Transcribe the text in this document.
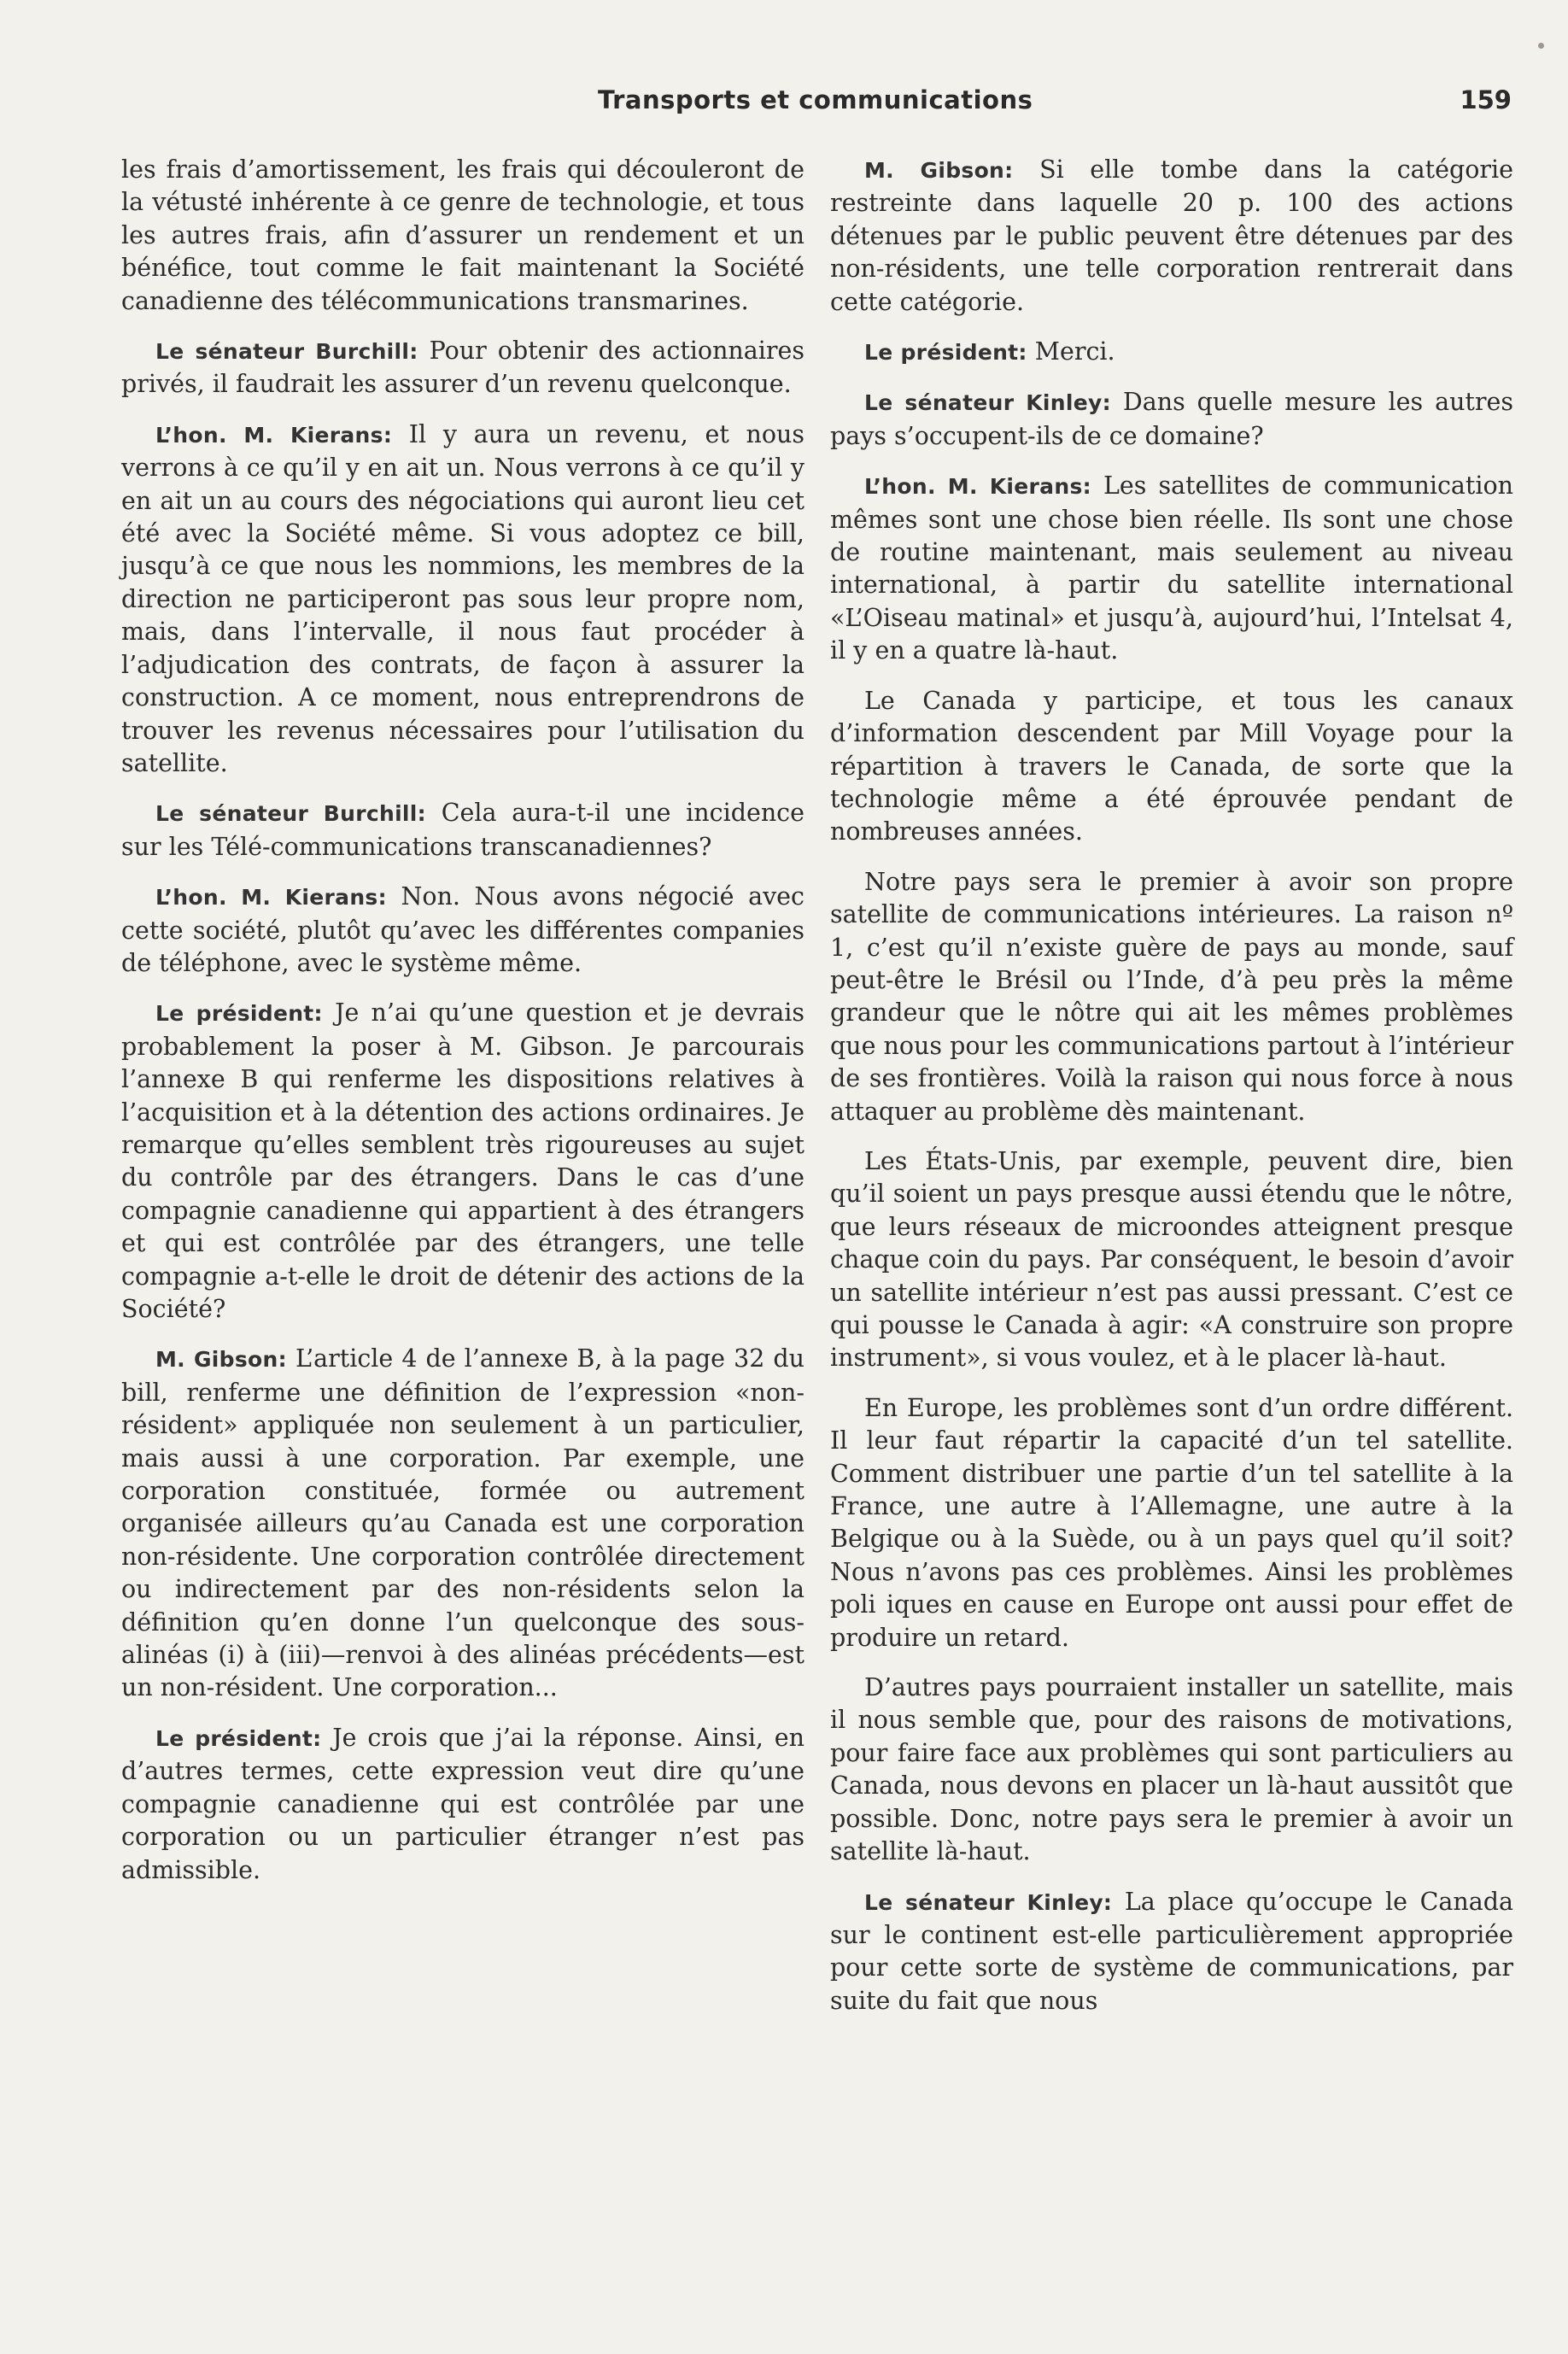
Transports et communications	159

les frais d’amortissement, les frais qui découleront de la vétusté inhérente à ce genre de technologie, et tous les autres frais, afin d’assurer un rendement et un bénéfice, tout comme le fait maintenant la Société canadienne des télécommunications transmarines.

Le sénateur Burchill: Pour obtenir des actionnaires privés, il faudrait les assurer d’un revenu quelconque.

L’hon. M. Kierans: Il y aura un revenu, et nous verrons à ce qu’il y en ait un. Nous verrons à ce qu’il y en ait un au cours des négociations qui auront lieu cet été avec la Société même. Si vous adoptez ce bill, jusqu’à ce que nous les nommions, les membres de la direction ne participeront pas sous leur propre nom, mais, dans l’intervalle, il nous faut procéder à l’adjudication des contrats, de façon à assurer la construction. A ce moment, nous entreprendrons de trouver les revenus nécessaires pour l’utilisation du satellite.

Le sénateur Burchill: Cela aura-t-il une incidence sur les Télé-communications transcanadiennes?

L’hon. M. Kierans: Non. Nous avons négocié avec cette société, plutôt qu’avec les différentes companies de téléphone, avec le système même.

Le président: Je n’ai qu’une question et je devrais probablement la poser à M. Gibson. Je parcourais l’annexe B qui renferme les dispositions relatives à l’acquisition et à la détention des actions ordinaires. Je remarque qu’elles semblent très rigoureuses au sujet du contrôle par des étrangers. Dans le cas d’une compagnie canadienne qui appartient à des étrangers et qui est contrôlée par des étrangers, une telle compagnie a-t-elle le droit de détenir des actions de la Société?

M. Gibson: L’article 4 de l’annexe B, à la page 32 du bill, renferme une définition de l’expression «non-résident» appliquée non seulement à un particulier, mais aussi à une corporation. Par exemple, une corporation constituée, formée ou autrement organisée ailleurs qu’au Canada est une corporation non-résidente. Une corporation contrôlée directement ou indirectement par des non-résidents selon la définition qu’en donne l’un quelconque des sous-alinéas (i) à (iii)—renvoi à des alinéas précédents—est un non-résident. Une corporation...

Le président: Je crois que j’ai la réponse. Ainsi, en d’autres termes, cette expression veut dire qu’une compagnie canadienne qui est contrôlée par une corporation ou un particulier étranger n’est pas admissible.

M. Gibson: Si elle tombe dans la catégorie restreinte dans laquelle 20 p. 100 des actions détenues par le public peuvent être détenues par des non-résidents, une telle corporation rentrerait dans cette catégorie.

Le président: Merci.

Le sénateur Kinley: Dans quelle mesure les autres pays s’occupent-ils de ce domaine?

L’hon. M. Kierans: Les satellites de communication mêmes sont une chose bien réelle. Ils sont une chose de routine maintenant, mais seulement au niveau international, à partir du satellite international «L’Oiseau matinal» et jusqu’à, aujourd’hui, l’Intelsat 4, il y en a quatre là-haut.

Le Canada y participe, et tous les canaux d’information descendent par Mill Voyage pour la répartition à travers le Canada, de sorte que la technologie même a été éprouvée pendant de nombreuses années.

Notre pays sera le premier à avoir son propre satellite de communications intérieures. La raison nº 1, c’est qu’il n’existe guère de pays au monde, sauf peut-être le Brésil ou l’Inde, d’à peu près la même grandeur que le nôtre qui ait les mêmes problèmes que nous pour les communications partout à l’intérieur de ses frontières. Voilà la raison qui nous force à nous attaquer au problème dès maintenant.

Les États-Unis, par exemple, peuvent dire, bien qu’il soient un pays presque aussi étendu que le nôtre, que leurs réseaux de microondes atteignent presque chaque coin du pays. Par conséquent, le besoin d’avoir un satellite intérieur n’est pas aussi pressant. C’est ce qui pousse le Canada à agir: «A construire son propre instrument», si vous voulez, et à le placer là-haut.

En Europe, les problèmes sont d’un ordre différent. Il leur faut répartir la capacité d’un tel satellite. Comment distribuer une partie d’un tel satellite à la France, une autre à l’Allemagne, une autre à la Belgique ou à la Suède, ou à un pays quel qu’il soit? Nous n’avons pas ces problèmes. Ainsi les problèmes poli iques en cause en Europe ont aussi pour effet de produire un retard.

D’autres pays pourraient installer un satellite, mais il nous semble que, pour des raisons de motivations, pour faire face aux problèmes qui sont particuliers au Canada, nous devons en placer un là-haut aussitôt que possible. Donc, notre pays sera le premier à avoir un satellite là-haut.

Le sénateur Kinley: La place qu’occupe le Canada sur le continent est-elle particulièrement appropriée pour cette sorte de système de communications, par suite du fait que nous
